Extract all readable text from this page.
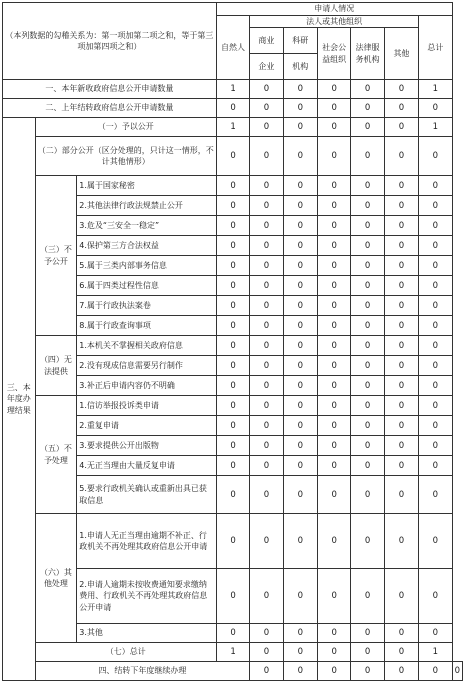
（本列数据的勾稽关系为：第一项加第二项之和，等于第三项加第四项之和）			申请人情况							
			自然人	法人或其他组织					总计	
				商业	科研	社会公益组织	法律服务机构	其他		
				企业	机构					
一、本年新收政府信息公开申请数量			1	0	0	0	0	0	1	
二、上年结转政府信息公开申请数量			0	0	0	0	0	0	0	
三、本年度办理结果	（一）予以公开		1	0	0	0	0	0	1	
	（二）部分公开（区分处理的，只计这一情形，不计其他情形）		0	0	0	0	0	0	0	
	（三）不予公开	1.属于国家秘密	0	0	0	0	0	0	0	
		2.其他法律行政法规禁止公开	0	0	0	0	0	0	0	
		3.危及“三安全一稳定”	0	0	0	0	0	0	0	
		4.保护第三方合法权益	0	0	0	0	0	0	0	
		5.属于三类内部事务信息	0	0	0	0	0	0	0	
		6.属于四类过程性信息	0	0	0	0	0	0	0	
		7.属于行政执法案卷	0	0	0	0	0	0	0	
		8.属于行政查询事项	0	0	0	0	0	0	0	
	（四）无法提供	1.本机关不掌握相关政府信息	0	0	0	0	0	0	0	
		2.没有现成信息需要另行制作	0	0	0	0	0	0	0	
		3.补正后申请内容仍不明确	0	0	0	0	0	0	0	
	（五）不予处理	1.信访举报投诉类申请	0	0	0	0	0	0	0	
		2.重复申请	0	0	0	0	0	0	0	
		3.要求提供公开出版物	0	0	0	0	0	0	0	
		4.无正当理由大量反复申请	0	0	0	0	0	0	0	
		5.要求行政机关确认或重新出具已获取信息	0	0	0	0	0	0	0	
	（六）其他处理	1.申请人无正当理由逾期不补正、行政机关不再处理其政府信息公开申请	0	0	0	0	0	0	0	
		2.申请人逾期未按收费通知要求缴纳费用、行政机关不再处理其政府信息公开申请	0	0	0	0	0	0	0	
		3.其他	0	0	0	0	0	0	0	
	（七）总计		1	0	0	0	0	0	1	
	四、结转下年度继续办理			0	0	0	0	0	0	0
